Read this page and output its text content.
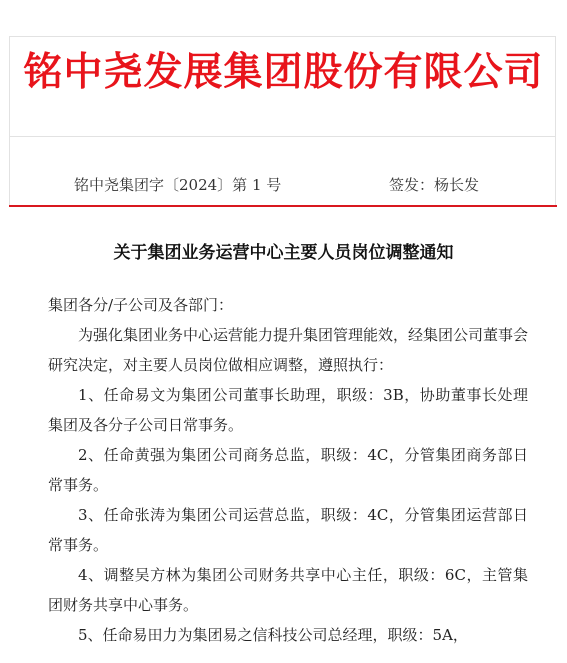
铭中尧发展集团股份有限公司
铭中尧集团字〔2024〕第 1 号	签发：杨长发
关于集团业务运营中心主要人员岗位调整通知

集团各分/子公司及各部门：

为强化集团业务中心运营能力提升集团管理能效，经集团公司董事会研究决定，对主要人员岗位做相应调整，遵照执行：

1、任命易文为集团公司董事长助理，职级：3B，协助董事长处理集团及各分子公司日常事务。

2、任命黄强为集团公司商务总监，职级：4C，分管集团商务部日常事务。

3、任命张涛为集团公司运营总监，职级：4C，分管集团运营部日常事务。

4、调整吴方林为集团公司财务共享中心主任，职级：6C，主管集团财务共享中心事务。

5、任命易田力为集团易之信科技公司总经理，职级：5A，
